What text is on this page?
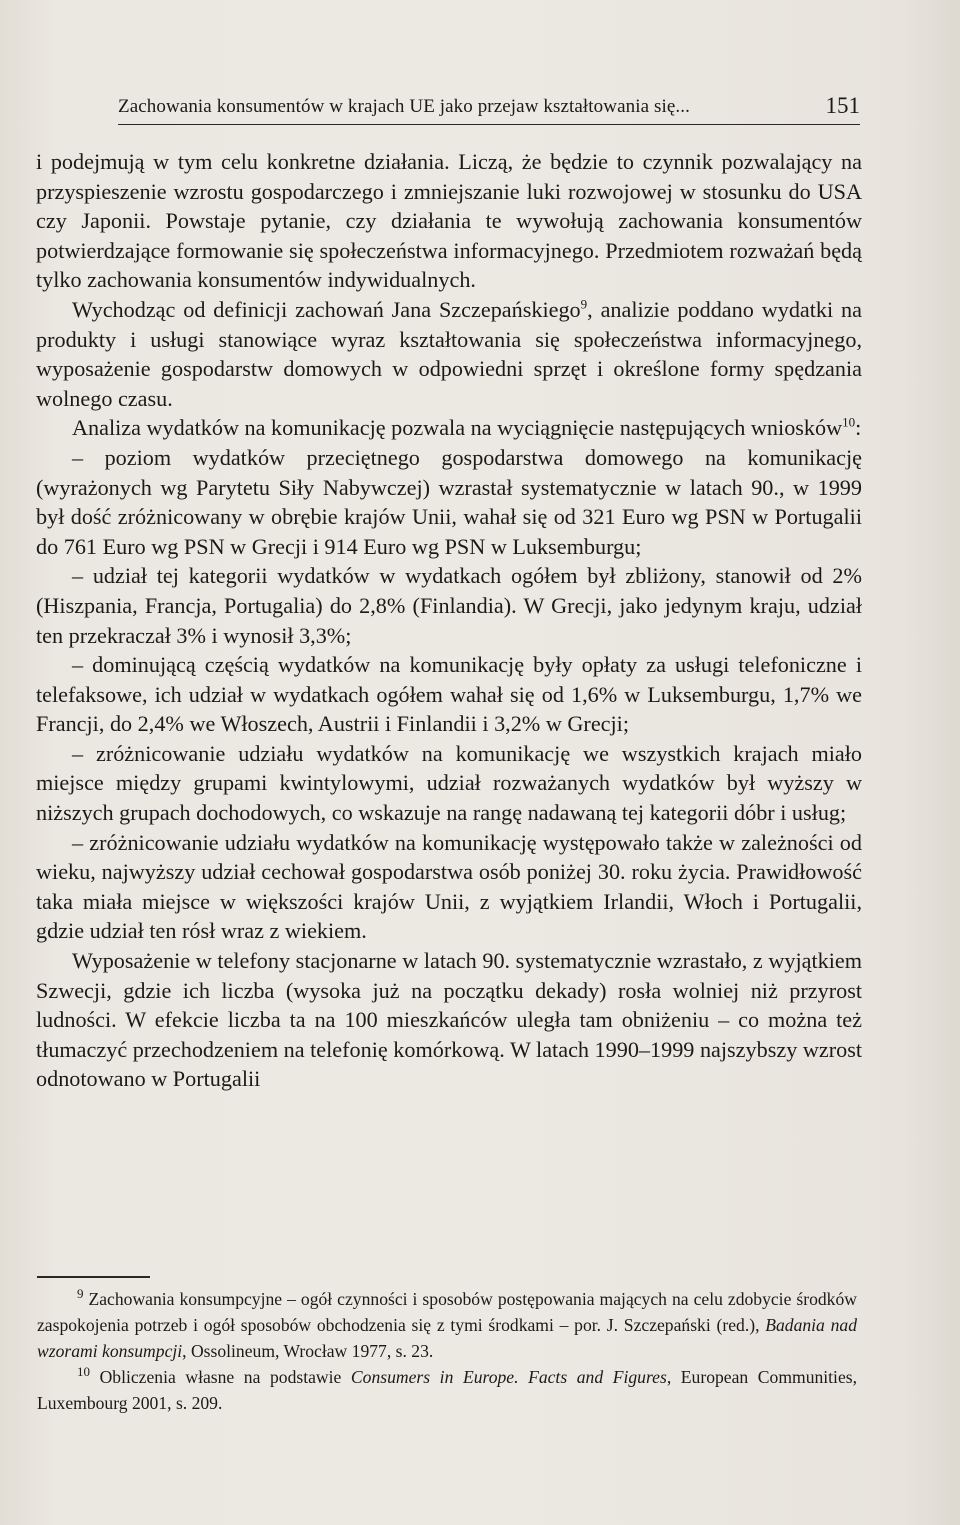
Zachowania konsumentów w krajach UE jako przejaw kształtowania się...	151

i podejmują w tym celu konkretne działania. Liczą, że będzie to czynnik pozwalający na przyspieszenie wzrostu gospodarczego i zmniejszanie luki rozwojowej w stosunku do USA czy Japonii. Powstaje pytanie, czy działania te wywołują zachowania konsumentów potwierdzające formowanie się społeczeństwa informacyjnego. Przedmiotem rozważań będą tylko zachowania konsumentów indywidualnych.

Wychodząc od definicji zachowań Jana Szczepańskiego$^9$, analizie poddano wydatki na produkty i usługi stanowiące wyraz kształtowania się społeczeństwa informacyjnego, wyposażenie gospodarstw domowych w odpowiedni sprzęt i określone formy spędzania wolnego czasu.

Analiza wydatków na komunikację pozwala na wyciągnięcie następujących wniosków$^{10}$:

– poziom wydatków przeciętnego gospodarstwa domowego na komunikację (wyrażonych wg Parytetu Siły Nabywczej) wzrastał systematycznie w latach 90., w 1999 był dość zróżnicowany w obrębie krajów Unii, wahał się od 321 Euro wg PSN w Portugalii do 761 Euro wg PSN w Grecji i 914 Euro wg PSN w Luksemburgu;

– udział tej kategorii wydatków w wydatkach ogółem był zbliżony, stanowił od 2% (Hiszpania, Francja, Portugalia) do 2,8% (Finlandia). W Grecji, jako jedynym kraju, udział ten przekraczał 3% i wynosił 3,3%;

– dominującą częścią wydatków na komunikację były opłaty za usługi telefoniczne i telefaksowe, ich udział w wydatkach ogółem wahał się od 1,6% w Luksemburgu, 1,7% we Francji, do 2,4% we Włoszech, Austrii i Finlandii i 3,2% w Grecji;

– zróżnicowanie udziału wydatków na komunikację we wszystkich krajach miało miejsce między grupami kwintylowymi, udział rozważanych wydatków był wyższy w niższych grupach dochodowych, co wskazuje na rangę nadawaną tej kategorii dóbr i usług;

– zróżnicowanie udziału wydatków na komunikację występowało także w zależności od wieku, najwyższy udział cechował gospodarstwa osób poniżej 30. roku życia. Prawidłowość taka miała miejsce w większości krajów Unii, z wyjątkiem Irlandii, Włoch i Portugalii, gdzie udział ten rósł wraz z wiekiem.

Wyposażenie w telefony stacjonarne w latach 90. systematycznie wzrastało, z wyjątkiem Szwecji, gdzie ich liczba (wysoka już na początku dekady) rosła wolniej niż przyrost ludności. W efekcie liczba ta na 100 mieszkańców uległa tam obniżeniu – co można też tłumaczyć przechodzeniem na telefonię komórkową. W latach 1990–1999 najszybszy wzrost odnotowano w Portugalii

$^9$ Zachowania konsumpcyjne – ogół czynności i sposobów postępowania mających na celu zdobycie środków zaspokojenia potrzeb i ogół sposobów obchodzenia się z tymi środkami – por. J. Szczepański (red.), Badania nad wzorami konsumpcji, Ossolineum, Wrocław 1977, s. 23.

$^{10}$ Obliczenia własne na podstawie Consumers in Europe. Facts and Figures, European Communities, Luxembourg 2001, s. 209.
